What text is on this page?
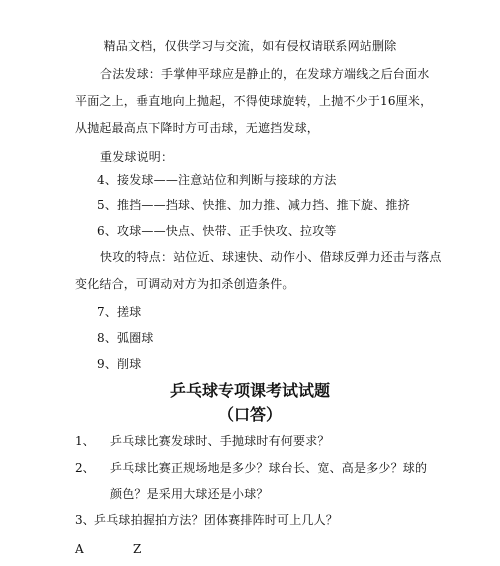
精品文档，仅供学习与交流，如有侵权请联系网站删除
合法发球：手掌伸平球应是静止的，在发球方端线之后台面水
平面之上，垂直地向上抛起，不得使球旋转，上抛不少于16厘米，
从抛起最高点下降时方可击球，无遮挡发球，
重发球说明：
4、接发球——注意站位和判断与接球的方法
5、推挡——挡球、快推、加力推、减力挡、推下旋、推挤
6、攻球——快点、快带、正手快攻、拉攻等
快攻的特点：站位近、球速快、动作小、借球反弹力还击与落点
变化结合，可调动对方为扣杀创造条件。
7、搓球
8、弧圈球
9、削球
乒乓球专项课考试试题
（口答）
1、 乒乓球比赛发球时、手抛球时有何要求？
2、 乒乓球比赛正规场地是多少？球台长、宽、高是多少？球的
颜色？是采用大球还是小球？
3、 乒乓球拍握拍方法？团体赛排阵时可上几人？
A	Z
